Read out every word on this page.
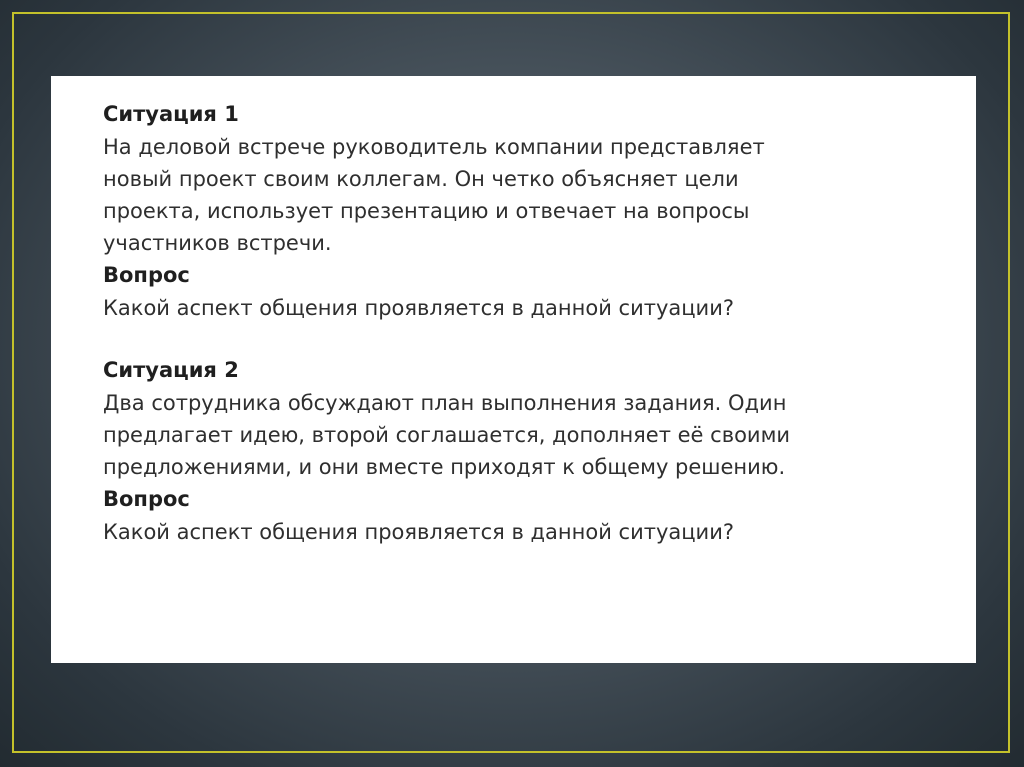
Ситуация 1
На деловой встрече руководитель компании представляет
новый проект своим коллегам. Он четко объясняет цели
проекта, использует презентацию и отвечает на вопросы
участников встречи.
Вопрос
Какой аспект общения проявляется в данной ситуации?
Ситуация 2
Два сотрудника обсуждают план выполнения задания. Один
предлагает идею, второй соглашается, дополняет её своими
предложениями, и они вместе приходят к общему решению.
Вопрос
Какой аспект общения проявляется в данной ситуации?
